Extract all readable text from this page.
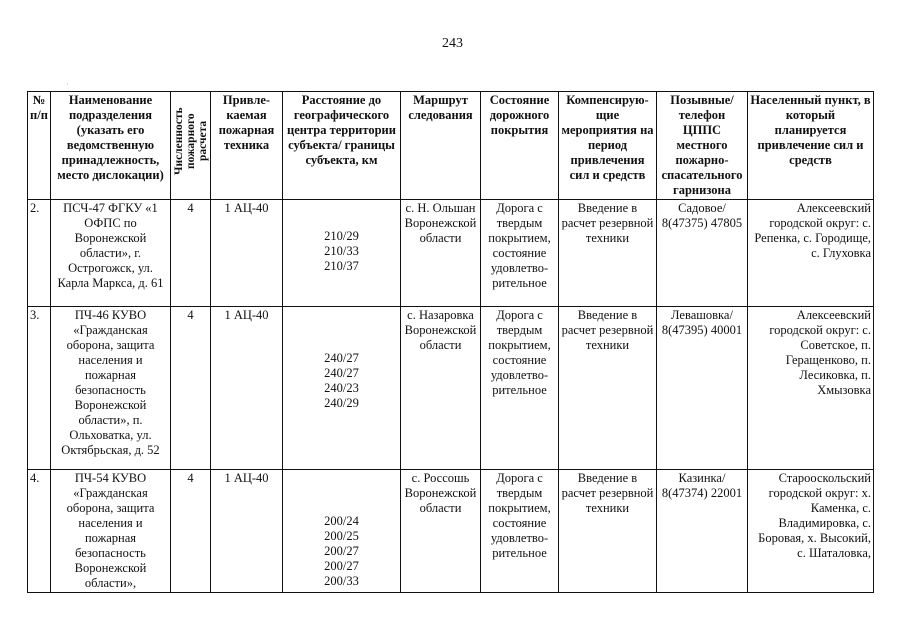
243
·
№ п/п	Наименование подразделения (указать его ведомственную принадлежность, место дислокации)	Численность пожарного расчета	Привле-каемая пожарная техника	Расстояние до географического центра территории субъекта/ границы субъекта, км	Маршрут следования	Состояние дорожного покрытия	Компенсирую-щие мероприятия на период привлечения сил и средств	Позывные/ телефон ЦППС местного пожарно-спасательного гарнизона	Населенный пункт, в который планируется привлечение сил и средств
2.	ПСЧ-47 ФГКУ «1 ОФПС по Воронежской области», г. Острогожск, ул. Карла Маркса, д. 61	4	1 АЦ-40	210/29
210/33
210/37	с. Н. Ольшан Воронежской области	Дорога с твердым покрытием, состояние удовлетво-рительное	Введение в расчет резервной техники	Садовое/ 8(47375) 47805	Алексеевский городской округ: с. Репенка, с. Городище, с. Глуховка
3.	ПЧ-46 КУВО «Гражданская оборона, защита населения и пожарная безопасность Воронежской области», п. Ольховатка, ул. Октябрьская, д. 52	4	1 АЦ-40	240/27
240/27
240/23
240/29	с. Назаровка Воронежской области	Дорога с твердым покрытием, состояние удовлетво-рительное	Введение в расчет резервной техники	Левашовка/ 8(47395) 40001	Алексеевский городской округ: с. Советское, п. Геращенково, п. Лесиковка, п. Хмызовка
4.	ПЧ-54 КУВО «Гражданская оборона, защита населения и пожарная безопасность Воронежской области»,	4	1 АЦ-40	200/24
200/25
200/27
200/27
200/33	с. Россошь Воронежской области	Дорога с твердым покрытием, состояние удовлетво-рительное	Введение в расчет резервной техники	Казинка/ 8(47374) 22001	Старооскольский городской округ: х. Каменка, с. Владимировка, с. Боровая, х. Высокий, с. Шаталовка,
